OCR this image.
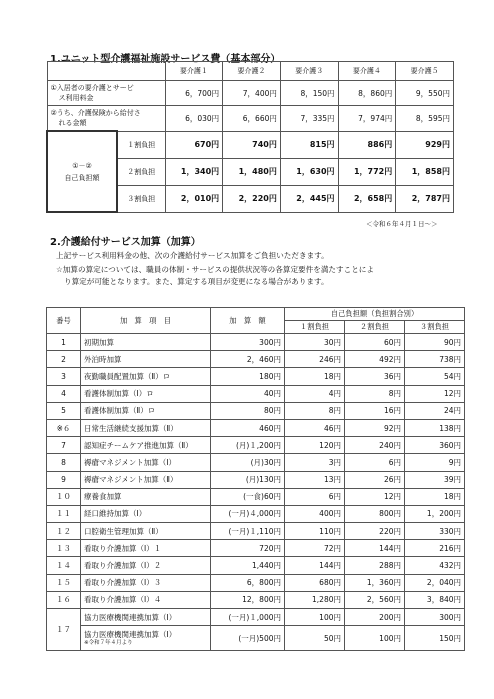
1.ユニット型介護福祉施設サービス費（基本部分）
		要介護１	要介護２	要介護３	要介護４	要介護５
①入居者の要介護とサービ
ス利用料金		6，700円	7，400円	8，150円	8，860円	9，550円
②うち、介護保険から給付さ
れる金額		6，030円	6，660円	7，335円	7，974円	8，595円
①－②
自己負担額	１割負担	670円	740円	815円	886円	929円
	２割負担	1，340円	1，480円	1，630円	1，772円	1，858円
	３割負担	2，010円	2，220円	2，445円	2，658円	2，787円
＜令和６年４月１日～＞
2.介護給付サービス加算（加算）
上記サービス利用料金の他、次の介護給付サービス加算をご負担いただきます。
☆加算の算定については、職員の体制・サービスの提供状況等の各算定要件を満たすことによ
り算定が可能となります。また、算定する項目が変更になる場合があります。
番号	加　算　項　目	加　算　額	自己負担額（負担割合別）		
			１割負担	２割負担	３割負担
1	初期加算	300円	30円	60円	90円
2	外泊時加算	2，460円	246円	492円	738円
3	夜勤職員配置加算（Ⅱ）ロ	180円	18円	36円	54円
4	看護体制加算（Ⅰ）ロ	40円	4円	8円	12円
5	看護体制加算（Ⅱ）ロ	80円	8円	16円	24円
※６	日常生活継続支援加算（Ⅱ）	460円	46円	92円	138円
7	認知症チームケア推進加算（Ⅱ）	(月)１,200円	120円	240円	360円
8	褥瘡マネジメント加算（Ⅰ）	(月)30円	3円	6円	9円
9	褥瘡マネジメント加算（Ⅱ）	(月)130円	13円	26円	39円
１０	療養食加算	(一食)60円	6円	12円	18円
１１	経口維持加算（Ⅰ）	(一月)４,000円	400円	800円	1，200円
１２	口腔衛生管理加算（Ⅱ）	(一月)１,110円	110円	220円	330円
１３	看取り介護加算（Ⅰ）１	720円	72円	144円	216円
１４	看取り介護加算（Ⅰ）２	1,440円	144円	288円	432円
１５	看取り介護加算（Ⅰ）３	6，800円	680円	1，360円	2，040円
１６	看取り介護加算（Ⅰ）４	12，800円	1,280円	2，560円	3，840円
１７	協力医療機関連携加算（Ⅰ）	(一月)１,000円	100円	200円	300円
	協力医療機関連携加算（Ⅰ）
※令和７年４月より	(一月)500円	50円	100円	150円
